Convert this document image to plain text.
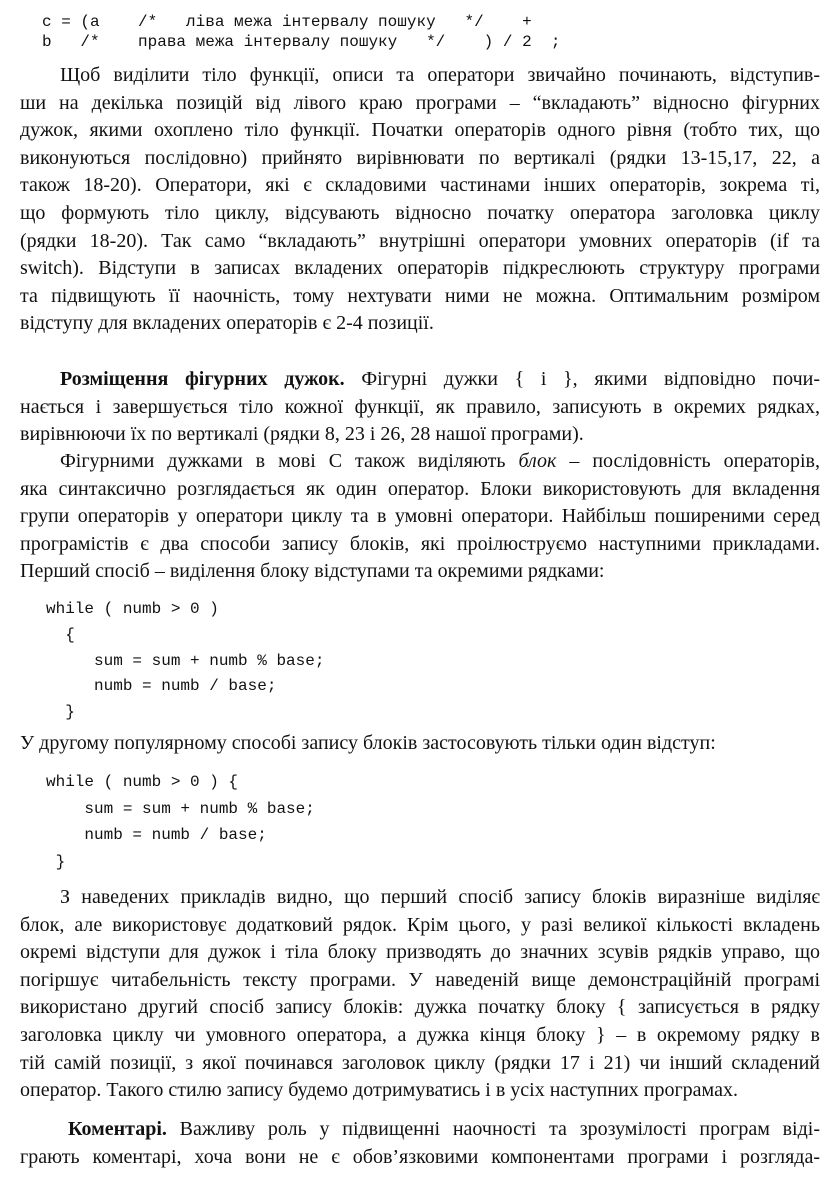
c = (a    /*   ліва межа інтервалу пошуку   */    +
b   /*    права межа інтервалу пошуку   */    ) / 2  ;
Щоб виділити тіло функції, описи та оператори звичайно починають, відступив-
ши на декілька позицій від лівого краю програми – “вкладають” відносно фігурних
дужок, якими охоплено тіло функції. Початки операторів одного рівня (тобто тих, що
виконуються послідовно) прийнято вирівнювати по вертикалі (рядки 13-15,17, 22, а
також 18-20). Оператори, які є складовими частинами інших операторів, зокрема ті,
що формують тіло циклу, відсувають відносно початку оператора заголовка циклу
(рядки 18-20). Так само “вкладають” внутрішні оператори умовних операторів (if та
switch). Відступи в записах вкладених операторів підкреслюють структуру програми
та підвищують її наочність, тому нехтувати ними не можна. Оптимальним розміром
відступу для вкладених операторів є 2-4 позиції.
Розміщення фігурних дужок. Фігурні дужки { і }, якими відповідно почи-
нається і завершується тіло кожної функції, як правило, записують в окремих рядках,
вирівнюючи їх по вертикалі (рядки 8, 23 і 26, 28 нашої програми).
Фігурними дужками в мові С також виділяють блок – послідовність операторів,
яка синтаксично розглядається як один оператор. Блоки використовують для вкладення
групи операторів у оператори циклу та в умовні оператори. Найбільш поширеними серед
програмістів є два способи запису блоків, які проілюструємо наступними прикладами.
Перший спосіб – виділення блоку відступами та окремими рядками:
while ( numb > 0 )
{
sum = sum + numb % base;
numb = numb / base;
}
У другому популярному способі запису блоків застосовують тільки один відступ:
while ( numb > 0 ) {
sum = sum + numb % base;
numb = numb / base;
}
З наведених прикладів видно, що перший спосіб запису блоків виразніше виділяє
блок, але використовує додатковий рядок. Крім цього, у разі великої кількості вкладень
окремі відступи для дужок і тіла блоку призводять до значних зсувів рядків управо, що
погіршує читабельність тексту програми. У наведеній вище демонстраційній програмі
використано другий спосіб запису блоків: дужка початку блоку { записується в рядку
заголовка циклу чи умовного оператора, а дужка кінця блоку } – в окремому рядку в
тій самій позиції, з якої починався заголовок циклу (рядки 17 і 21) чи інший складений
оператор. Такого стилю запису будемо дотримуватись і в усіх наступних програмах.
Коментарі. Важливу роль у підвищенні наочності та зрозумілості програм віді-
грають коментарі, хоча вони не є обов’язковими компонентами програми і розгляда-
